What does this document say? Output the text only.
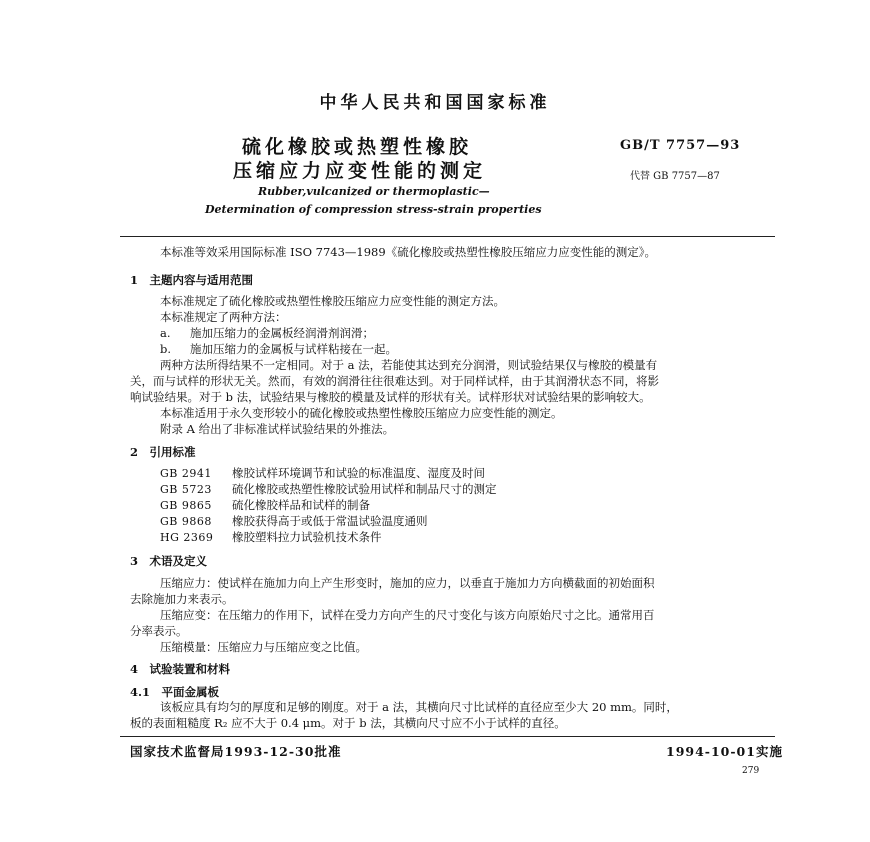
中华人民共和国国家标准
硫化橡胶或热塑性橡胶
压缩应力应变性能的测定
GB/T 7757—93
代替 GB 7757—87
Rubber,vulcanized or thermoplastic—
Determination of compression stress-strain properties
本标准等效采用国际标准 ISO 7743—1989《硫化橡胶或热塑性橡胶压缩应力应变性能的测定》。
1　主题内容与适用范围
本标准规定了硫化橡胶或热塑性橡胶压缩应力应变性能的测定方法。
本标准规定了两种方法：
a. 施加压缩力的金属板经润滑剂润滑；
b. 施加压缩力的金属板与试样粘接在一起。
两种方法所得结果不一定相同。对于 a 法，若能使其达到充分润滑，则试验结果仅与橡胶的模量有
关，而与试样的形状无关。然而，有效的润滑往往很难达到。对于同样试样，由于其润滑状态不同，将影
响试验结果。对于 b 法，试验结果与橡胶的模量及试样的形状有关。试样形状对试验结果的影响较大。
本标准适用于永久变形较小的硫化橡胶或热塑性橡胶压缩应力应变性能的测定。
附录 A 给出了非标准试样试验结果的外推法。
2　引用标准
GB 2941 橡胶试样环境调节和试验的标准温度、湿度及时间
GB 5723 硫化橡胶或热塑性橡胶试验用试样和制品尺寸的测定
GB 9865 硫化橡胶样品和试样的制备
GB 9868 橡胶获得高于或低于常温试验温度通则
HG 2369 橡胶塑料拉力试验机技术条件
3　术语及定义
压缩应力：使试样在施加力向上产生形变时，施加的应力，以垂直于施加力方向横截面的初始面积
去除施加力来表示。
压缩应变：在压缩力的作用下，试样在受力方向产生的尺寸变化与该方向原始尺寸之比。通常用百
分率表示。
压缩模量：压缩应力与压缩应变之比值。
4　试验装置和材料
4.1　平面金属板
该板应具有均匀的厚度和足够的刚度。对于 a 法，其横向尺寸比试样的直径应至少大 20 mm。同时，
板的表面粗糙度 R₂ 应不大于 0.4 μm。对于 b 法，其横向尺寸应不小于试样的直径。
国家技术监督局1993-12-30批准	1994-10-01实施
279
